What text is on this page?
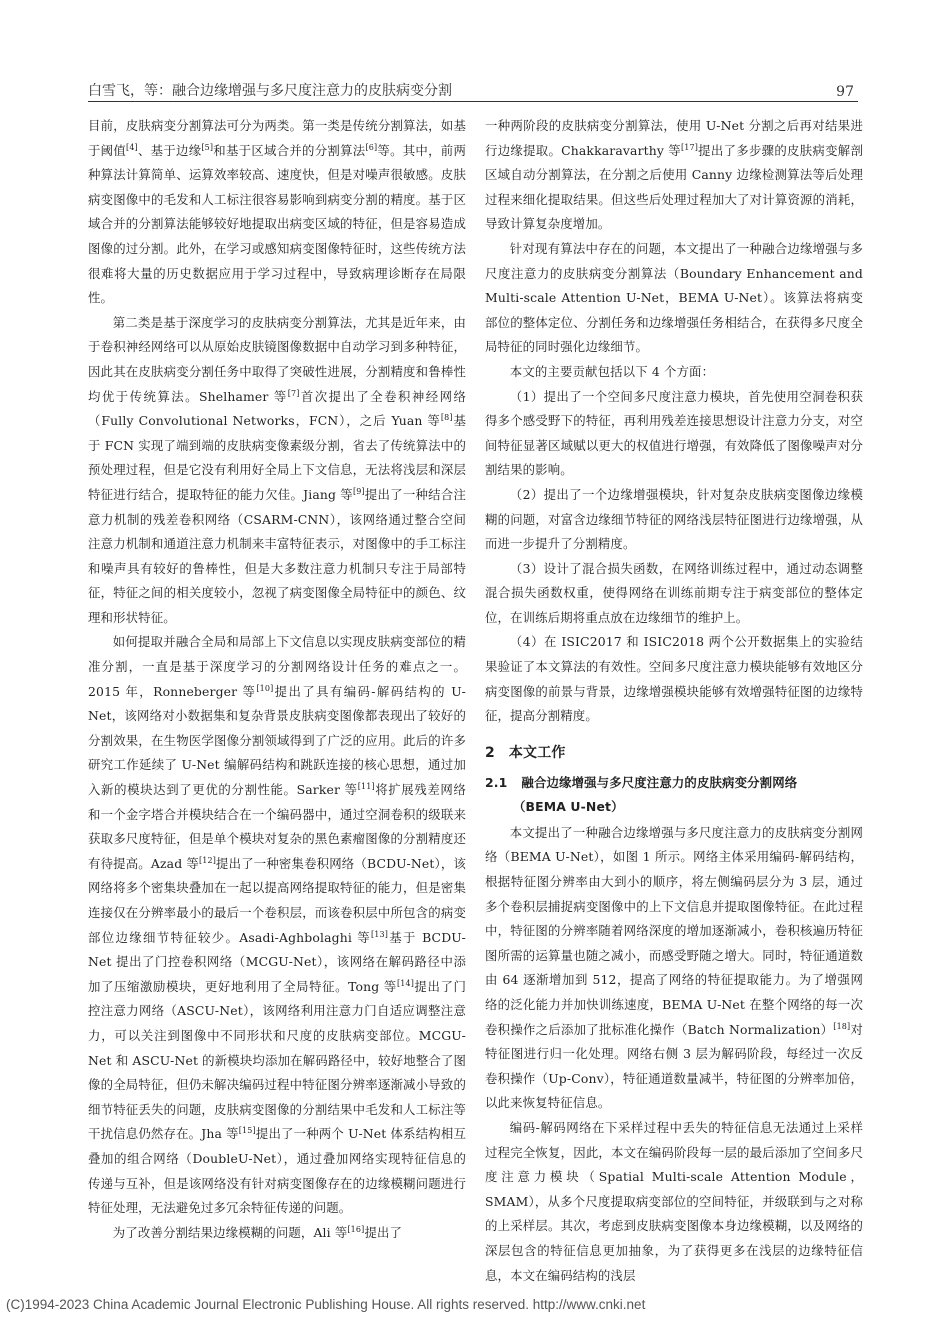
白雪飞，等：融合边缘增强与多尺度注意力的皮肤病变分割	97

目前，皮肤病变分割算法可分为两类。第一类是传统分割算法，如基于阈值[4]、基于边缘[5]和基于区域合并的分割算法[6]等。其中，前两种算法计算简单、运算效率较高、速度快，但是对噪声很敏感。皮肤病变图像中的毛发和人工标注很容易影响到病变分割的精度。基于区域合并的分割算法能够较好地提取出病变区域的特征，但是容易造成图像的过分割。此外，在学习或感知病变图像特征时，这些传统方法很难将大量的历史数据应用于学习过程中，导致病理诊断存在局限性。

第二类是基于深度学习的皮肤病变分割算法，尤其是近年来，由于卷积神经网络可以从原始皮肤镜图像数据中自动学习到多种特征，因此其在皮肤病变分割任务中取得了突破性进展，分割精度和鲁棒性均优于传统算法。Shelhamer 等[7]首次提出了全卷积神经网络（Fully Convolutional Networks，FCN），之后 Yuan 等[8]基于 FCN 实现了端到端的皮肤病变像素级分割，省去了传统算法中的预处理过程，但是它没有利用好全局上下文信息，无法将浅层和深层特征进行结合，提取特征的能力欠佳。Jiang 等[9]提出了一种结合注意力机制的残差卷积网络（CSARM-CNN），该网络通过整合空间注意力机制和通道注意力机制来丰富特征表示，对图像中的手工标注和噪声具有较好的鲁棒性，但是大多数注意力机制只专注于局部特征，特征之间的相关度较小，忽视了病变图像全局特征中的颜色、纹理和形状特征。

如何提取并融合全局和局部上下文信息以实现皮肤病变部位的精准分割，一直是基于深度学习的分割网络设计任务的难点之一。2015 年，Ronneberger 等[10]提出了具有编码-解码结构的 U-Net，该网络对小数据集和复杂背景皮肤病变图像都表现出了较好的分割效果，在生物医学图像分割领域得到了广泛的应用。此后的许多研究工作延续了 U-Net 编解码结构和跳跃连接的核心思想，通过加入新的模块达到了更优的分割性能。Sarker 等[11]将扩展残差网络和一个金字塔合并模块结合在一个编码器中，通过空洞卷积的级联来获取多尺度特征，但是单个模块对复杂的黑色素瘤图像的分割精度还有待提高。Azad 等[12]提出了一种密集卷积网络（BCDU-Net），该网络将多个密集块叠加在一起以提高网络提取特征的能力，但是密集连接仅在分辨率最小的最后一个卷积层，而该卷积层中所包含的病变部位边缘细节特征较少。Asadi-Aghbolaghi 等[13]基于 BCDU-Net 提出了门控卷积网络（MCGU-Net），该网络在解码路径中添加了压缩激励模块，更好地利用了全局特征。Tong 等[14]提出了门控注意力网络（ASCU-Net），该网络利用注意力门自适应调整注意力，可以关注到图像中不同形状和尺度的皮肤病变部位。MCGU-Net 和 ASCU-Net 的新模块均添加在解码路径中，较好地整合了图像的全局特征，但仍未解决编码过程中特征图分辨率逐渐减小导致的细节特征丢失的问题，皮肤病变图像的分割结果中毛发和人工标注等干扰信息仍然存在。Jha 等[15]提出了一种两个 U-Net 体系结构相互叠加的组合网络（DoubleU-Net），通过叠加网络实现特征信息的传递与互补，但是该网络没有针对病变图像存在的边缘模糊问题进行特征处理，无法避免过多冗余特征传递的问题。

为了改善分割结果边缘模糊的问题，Ali 等[16]提出了

一种两阶段的皮肤病变分割算法，使用 U-Net 分割之后再对结果进行边缘提取。Chakkaravarthy 等[17]提出了多步骤的皮肤病变解剖区域自动分割算法，在分割之后使用 Canny 边缘检测算法等后处理过程来细化提取结果。但这些后处理过程加大了对计算资源的消耗，导致计算复杂度增加。

针对现有算法中存在的问题，本文提出了一种融合边缘增强与多尺度注意力的皮肤病变分割算法（Boundary Enhancement and Multi-scale Attention U-Net，BEMA U-Net）。该算法将病变部位的整体定位、分割任务和边缘增强任务相结合，在获得多尺度全局特征的同时强化边缘细节。

本文的主要贡献包括以下 4 个方面：

（1）提出了一个空间多尺度注意力模块，首先使用空洞卷积获得多个感受野下的特征，再利用残差连接思想设计注意力分支，对空间特征显著区域赋以更大的权值进行增强，有效降低了图像噪声对分割结果的影响。

（2）提出了一个边缘增强模块，针对复杂皮肤病变图像边缘模糊的问题，对富含边缘细节特征的网络浅层特征图进行边缘增强，从而进一步提升了分割精度。

（3）设计了混合损失函数，在网络训练过程中，通过动态调整混合损失函数权重，使得网络在训练前期专注于病变部位的整体定位，在训练后期将重点放在边缘细节的维护上。

（4）在 ISIC2017 和 ISIC2018 两个公开数据集上的实验结果验证了本文算法的有效性。空间多尺度注意力模块能够有效地区分病变图像的前景与背景，边缘增强模块能够有效增强特征图的边缘特征，提高分割精度。

2 本文工作
2.1 融合边缘增强与多尺度注意力的皮肤病变分割网络
（BEMA U-Net）

本文提出了一种融合边缘增强与多尺度注意力的皮肤病变分割网络（BEMA U-Net），如图 1 所示。网络主体采用编码-解码结构，根据特征图分辨率由大到小的顺序，将左侧编码层分为 3 层，通过多个卷积层捕捉病变图像中的上下文信息并提取图像特征。在此过程中，特征图的分辨率随着网络深度的增加逐渐减小，卷积核遍历特征图所需的运算量也随之减小，而感受野随之增大。同时，特征通道数由 64 逐渐增加到 512，提高了网络的特征提取能力。为了增强网络的泛化能力并加快训练速度，BEMA U-Net 在整个网络的每一次卷积操作之后添加了批标准化操作（Batch Normalization）[18]对特征图进行归一化处理。网络右侧 3 层为解码阶段，每经过一次反卷积操作（Up-Conv），特征通道数量减半，特征图的分辨率加倍，以此来恢复特征信息。

编码-解码网络在下采样过程中丢失的特征信息无法通过上采样过程完全恢复，因此，本文在编码阶段每一层的最后添加了空间多尺度注意力模块（Spatial Multi-scale Attention Module，SMAM），从多个尺度提取病变部位的空间特征，并级联到与之对称的上采样层。其次，考虑到皮肤病变图像本身边缘模糊，以及网络的深层包含的特征信息更加抽象，为了获得更多在浅层的边缘特征信息，本文在编码结构的浅层

(C)1994-2023 China Academic Journal Electronic Publishing House. All rights reserved. http://www.cnki.net
